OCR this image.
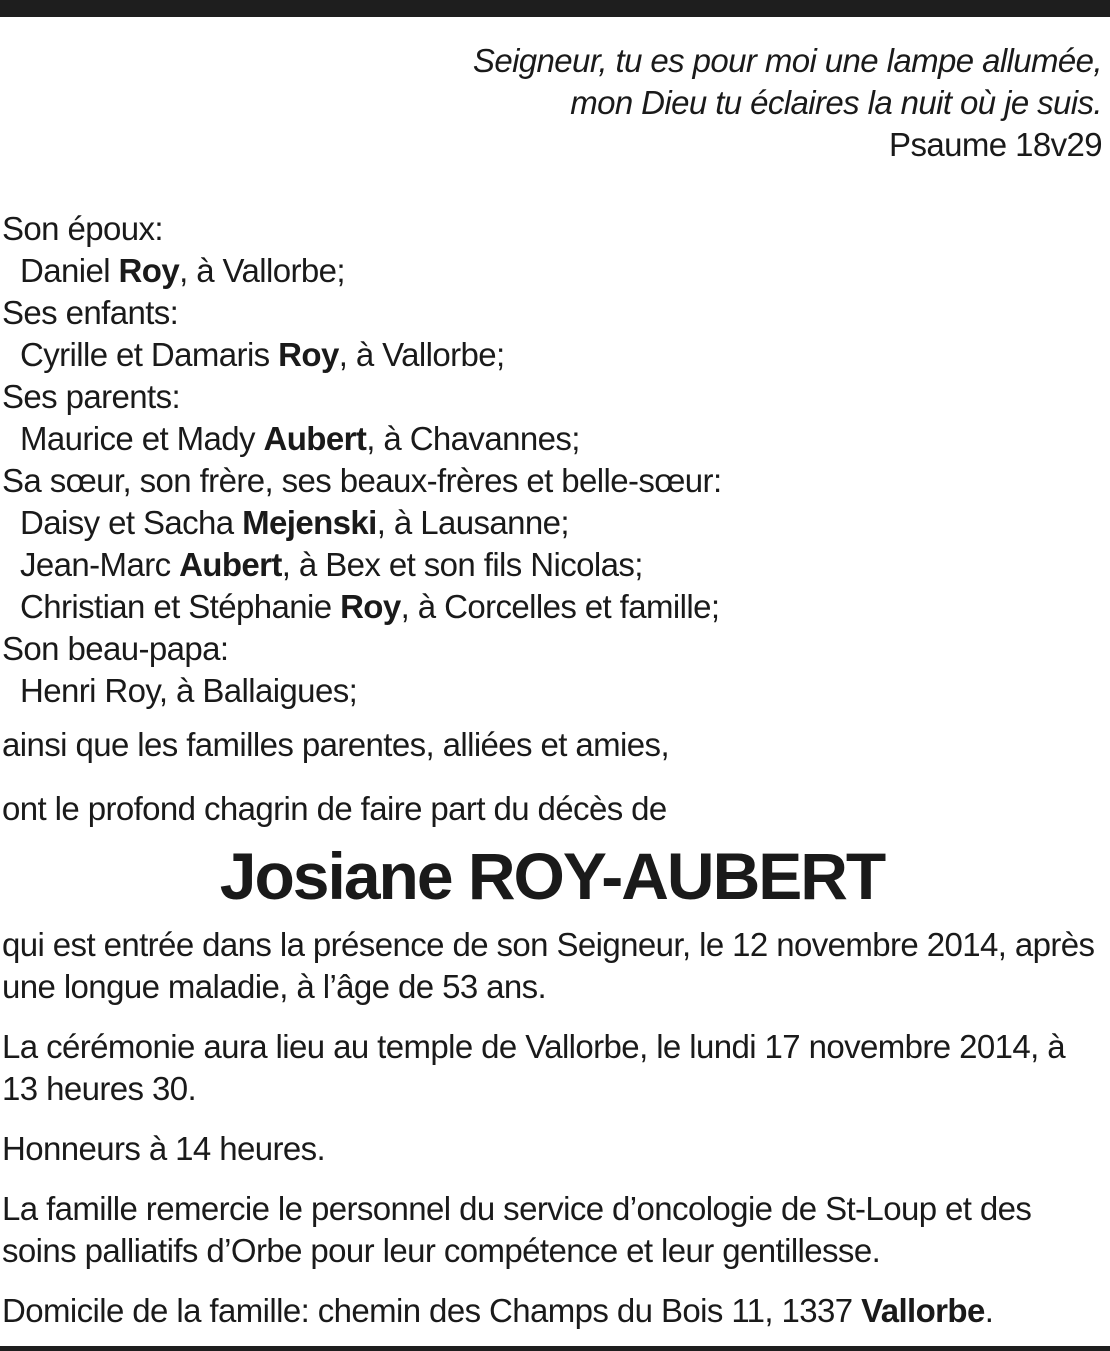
Seigneur, tu es pour moi une lampe allumée,
mon Dieu tu éclaires la nuit où je suis.
Psaume 18v29
Son époux:
Daniel Roy, à Vallorbe;
Ses enfants:
Cyrille et Damaris Roy, à Vallorbe;
Ses parents:
Maurice et Mady Aubert, à Chavannes;
Sa sœur, son frère, ses beaux-frères et belle-sœur:
Daisy et Sacha Mejenski, à Lausanne;
Jean-Marc Aubert, à Bex et son fils Nicolas;
Christian et Stéphanie Roy, à Corcelles et famille;
Son beau-papa:
Henri Roy, à Ballaigues;

ainsi que les familles parentes, alliées et amies,
ont le profond chagrin de faire part du décès de

Josiane ROY-AUBERT

qui est entrée dans la présence de son Seigneur, le 12 novembre 2014, après une longue maladie, à l’âge de 53 ans.

La cérémonie aura lieu au temple de Vallorbe, le lundi 17 novembre 2014, à 13 heures 30.

Honneurs à 14 heures.

La famille remercie le personnel du service d’oncologie de St-Loup et des soins palliatifs d’Orbe pour leur compétence et leur gentillesse.

Domicile de la famille: chemin des Champs du Bois 11, 1337 Vallorbe.
